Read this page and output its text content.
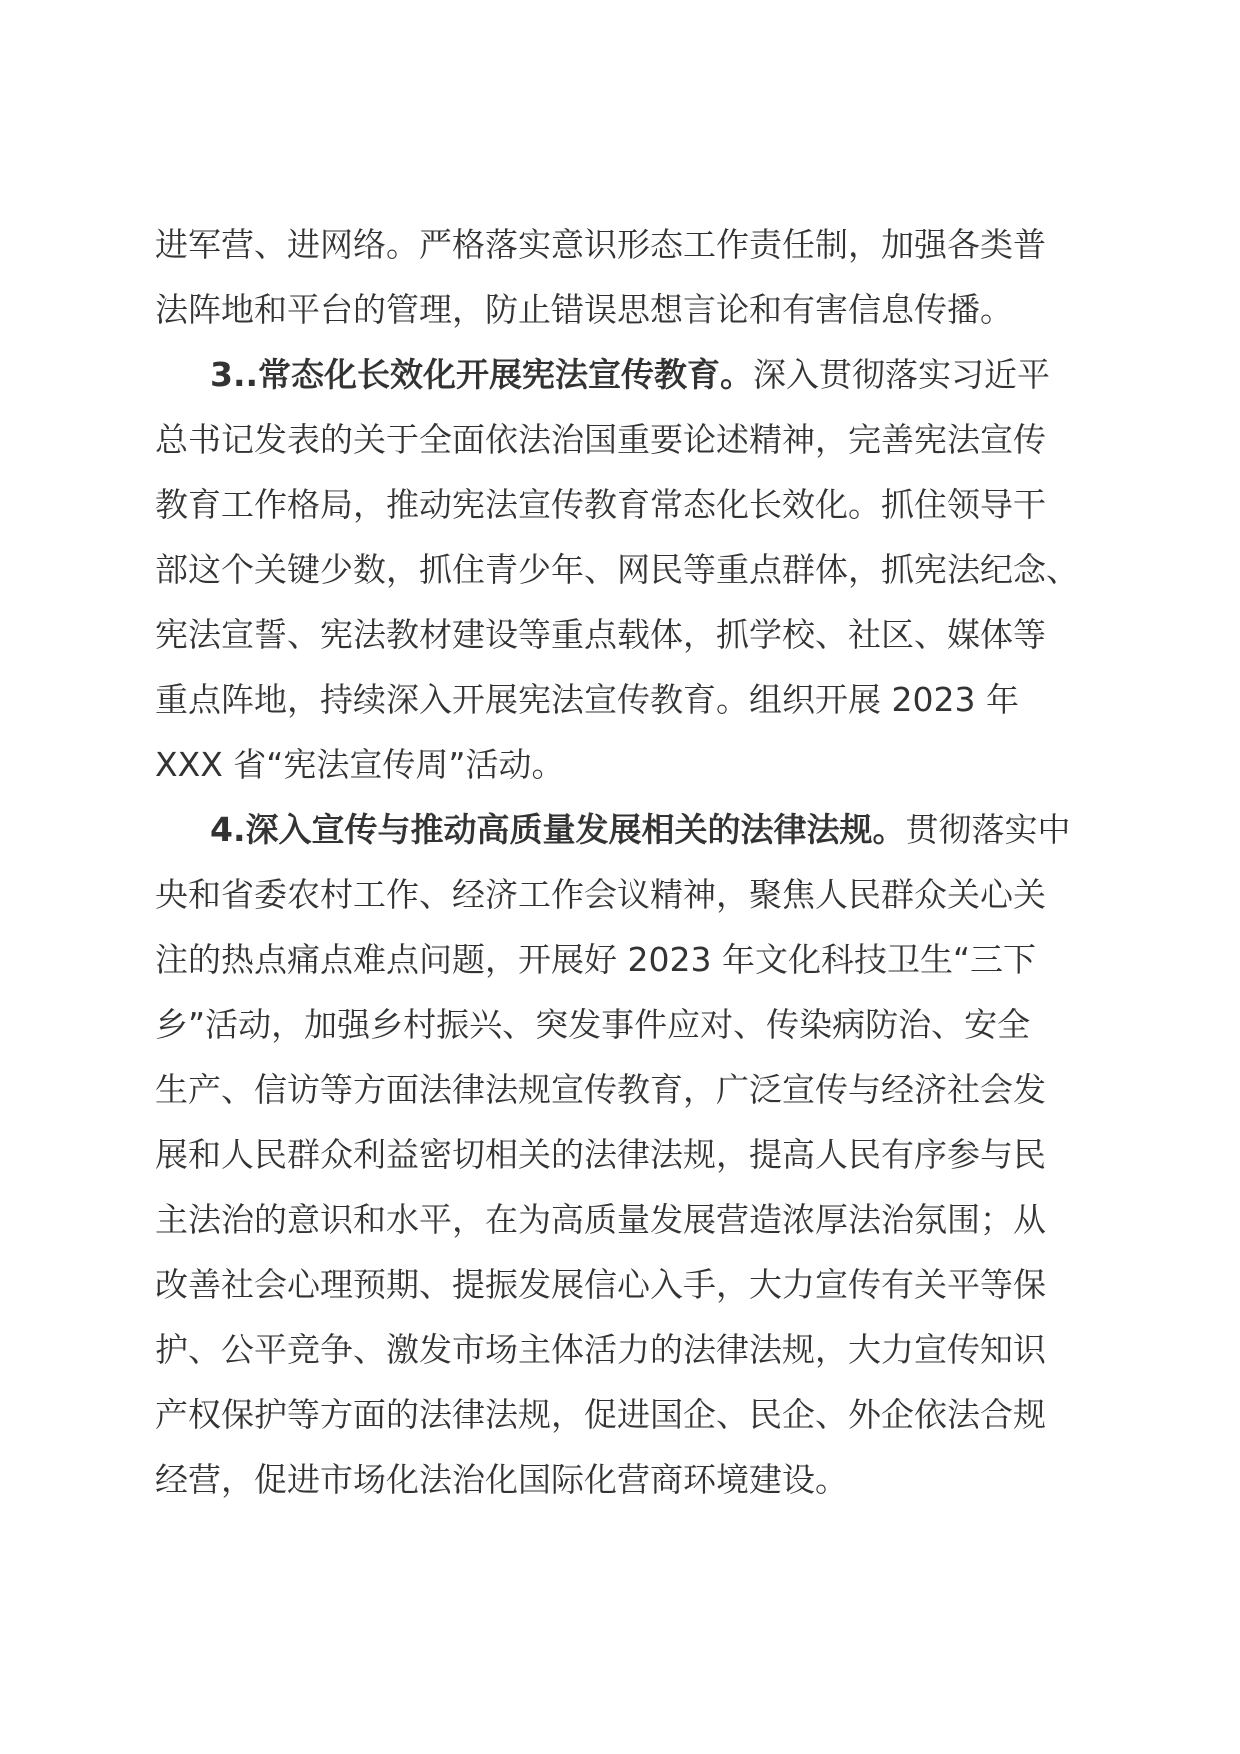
进军营、进网络。严格落实意识形态工作责任制，加强各类普
法阵地和平台的管理，防止错误思想言论和有害信息传播。
3..常态化长效化开展宪法宣传教育。深入贯彻落实习近平
总书记发表的关于全面依法治国重要论述精神，完善宪法宣传
教育工作格局，推动宪法宣传教育常态化长效化。抓住领导干
部这个关键少数，抓住青少年、网民等重点群体，抓宪法纪念、
宪法宣誓、宪法教材建设等重点载体，抓学校、社区、媒体等
重点阵地，持续深入开展宪法宣传教育。组织开展 2023 年
XXX 省“宪法宣传周”活动。
4.深入宣传与推动高质量发展相关的法律法规。贯彻落实中
央和省委农村工作、经济工作会议精神，聚焦人民群众关心关
注的热点痛点难点问题，开展好 2023 年文化科技卫生“三下
乡”活动，加强乡村振兴、突发事件应对、传染病防治、安全
生产、信访等方面法律法规宣传教育，广泛宣传与经济社会发
展和人民群众利益密切相关的法律法规，提高人民有序参与民
主法治的意识和水平，在为高质量发展营造浓厚法治氛围；从
改善社会心理预期、提振发展信心入手，大力宣传有关平等保
护、公平竞争、激发市场主体活力的法律法规，大力宣传知识
产权保护等方面的法律法规，促进国企、民企、外企依法合规
经营，促进市场化法治化国际化营商环境建设。
